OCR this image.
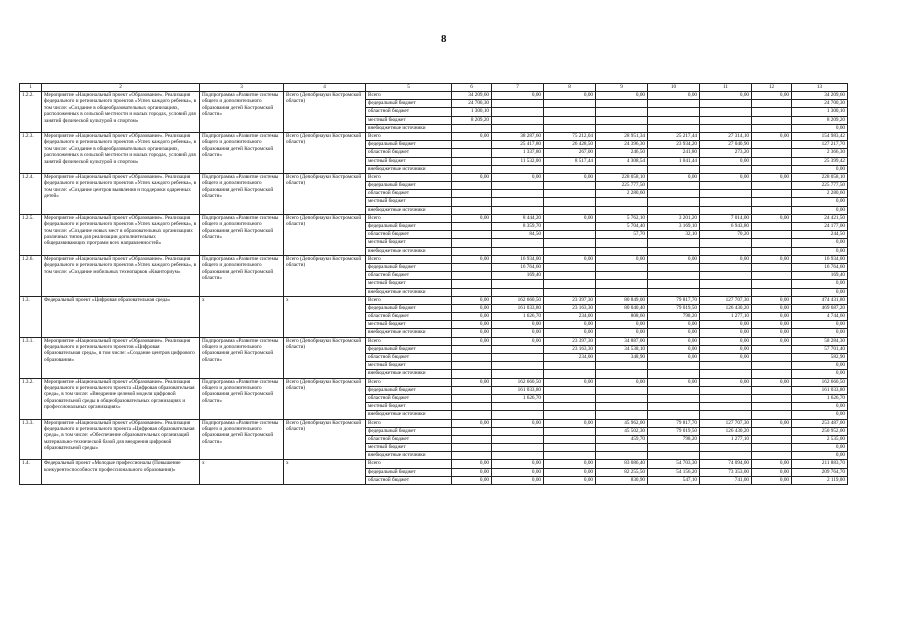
8
1	2	3	4	5	6	7	8	9	10	11	12	13
1.2.2.	Мероприятие «Национальный проект «Образование». Реализация федерального и регионального проектов «Успех каждого ребенка», в том числе: «Создание в общеобразовательных организациях, расположенных в сельской местности и малых городах, условий для занятий физической культурой и спортом»	Подпрограмма «Развитие системы общего и дополнительного образования детей Костромской области»	Всего (Депобрнауки Костромской области)	Всего	34 209,60	0,00	0,00	0,00	0,00	0,00	0,00	34 209,60
				федеральный бюджет	24 700,30							24 700,30
				областной бюджет	1 300,10							1 300,10
				местный бюджет	8 209,20							8 209,20
				внебюджетные источники								0,00
1.2.3.	Мероприятие «Национальный проект «Образование». Реализация федерального и регионального проектов «Успех каждого ребенка», в том числе: «Создание в общеобразовательных организациях, расположенных в сельской местности и малых городах, условий для занятий физической культурой и спортом»	Подпрограмма «Развитие системы общего и дополнительного образования детей Костромской области»	Всего (Депобрнауки Костромской области)	Всего	0,00	38 287,60	75 212,04	28 951,34	25 217,44	27 314,10	0,00	154 983,42
				федеральный бюджет		25 417,80	26 428,50	24 396,30	23 934,20	27 040,90		127 217,70
				областной бюджет		1 337,80	267,00	246,50	241,80	273,20		2 366,30
				местный бюджет		11 532,00	8 517,44	4 308,54	1 041,44	0,00		25 399,42
				внебюджетные источники								0,00
1.2.4.	Мероприятие «Национальный проект «Образование». Реализация федерального и регионального проектов «Успех каждого ребенка», в том числе: «Создание центров выявления и поддержки одаренных детей»	Подпрограмма «Развитие системы общего и дополнительного образования детей Костромской области»	Всего (Депобрнауки Костромской области)	Всего	0,00	0,00	0,00	228 058,10	0,00	0,00	0,00	228 058,10
				федеральный бюджет				225 777,50				225 777,50
				областной бюджет				2 280,60				2 280,60
				местный бюджет								0,00
				внебюджетные источники								0,00
1.2.5.	Мероприятие «Национальный проект «Образование». Реализация федерального и регионального проектов «Успех каждого ребенка», в том числе: «Создание новых мест в образовательных организациях различных типов для реализации дополнительных общеразвивающих программ всех направленностей»	Подпрограмма «Развитие системы общего и дополнительного образования детей Костромской области»	Всего (Депобрнауки Костромской области)	Всего	0,00	8 444,20	0,00	5 762,10	3 201,20	7 014,00	0,00	24 421,50
				федеральный бюджет		8 359,70		5 704,40	3 169,10	6 943,80		24 177,00
				областной бюджет		84,50		57,70	32,10	70,20		244,50
				местный бюджет								0,00
				внебюджетные источники								0,00
1.2.6.	Мероприятие «Национальный проект «Образование». Реализация федерального и регионального проектов «Успех каждого ребенка», в том числе: «Создание мобильных технопарков «Кванториум»	Подпрограмма «Развитие системы общего и дополнительного образования детей Костромской области»	Всего (Депобрнауки Костромской области)	Всего	0,00	16 934,00	0,00	0,00	0,00	0,00	0,00	16 934,00
				федеральный бюджет		16 764,60						16 764,60
				областной бюджет		169,40						169,40
				местный бюджет								0,00
				внебюджетные источники								0,00
1.3.	Федеральный проект «Цифровая образовательная среда»	x	x	Всего	0,00	162 660,50	23 397,30	80 849,00	79 817,70	127 707,30	0,00	474 431,80
				федеральный бюджет	0,00	161 033,80	23 163,30	80 040,40	79 019,50	126 430,20	0,00	469 687,20
				областной бюджет	0,00	1 626,70	234,00	808,60	798,20	1 277,10	0,00	4 744,60
				местный бюджет	0,00	0,00	0,00	0,00	0,00	0,00	0,00	0,00
				внебюджетные источники	0,00	0,00	0,00	0,00	0,00	0,00	0,00	0,00
1.3.1.	Мероприятие «Национальный проект «Образование». Реализация федерального и регионального проектов «Цифровая образовательная среда», в том числе: «Создание центров цифрового образования»	Подпрограмма «Развитие системы общего и дополнительного образования детей Костромской области»	Всего (Депобрнауки Костромской области)	Всего	0,00	0,00	23 397,30	34 887,00	0,00	0,00	0,00	58 284,30
				федеральный бюджет			23 163,30	34 538,10	0,00	0,00		57 701,40
				областной бюджет			234,00	348,90	0,00	0,00		582,90
				местный бюджет								0,00
				внебюджетные источники								0,00
1.3.2.	Мероприятие «Национальный проект «Образование». Реализация федерального и регионального проекта «Цифровая образовательная среда», в том числе: «Внедрение целевой модели цифровой образовательной среды в общеобразовательных организациях и профессиональных организациях»	Подпрограмма «Развитие системы общего и дополнительного образования детей Костромской области»	Всего (Депобрнауки Костромской области)	Всего	0,00	162 660,50	0,00	0,00	0,00	0,00	0,00	162 660,50
				федеральный бюджет		161 033,80						161 033,80
				областной бюджет		1 626,70						1 626,70
				местный бюджет								0,00
				внебюджетные источники								0,00
1.3.3.	Мероприятие «Национальный проект «Образование». Реализация федерального и регионального проекта «Цифровая образовательная среда», в том числе: «Обеспечение образовательных организаций материально-технической базой для внедрения цифровой образовательной среды»	Подпрограмма «Развитие системы общего и дополнительного образования детей Костромской области»	Всего (Депобрнауки Костромской области)	Всего	0,00	0,00	0,00	45 962,00	79 817,70	127 707,30	0,00	253 487,00
				федеральный бюджет				45 502,30	79 019,50	126 430,20		250 952,00
				областной бюджет				459,70	798,20	1 277,10		2 535,00
				местный бюджет								0,00
				внебюджетные источники								0,00
1.4.	Федеральный проект «Молодые профессионалы (Повышение конкурентоспособности профессионального образования)»	x	x	Всего	0,00	0,00	0,00	83 086,40	54 703,30	74 094,00	0,00	211 883,70
				федеральный бюджет	0,00	0,00	0,00	82 255,50	54 156,20	73 353,00	0,00	209 764,70
				областной бюджет	0,00	0,00	0,00	830,90	547,10	741,00	0,00	2 119,00
